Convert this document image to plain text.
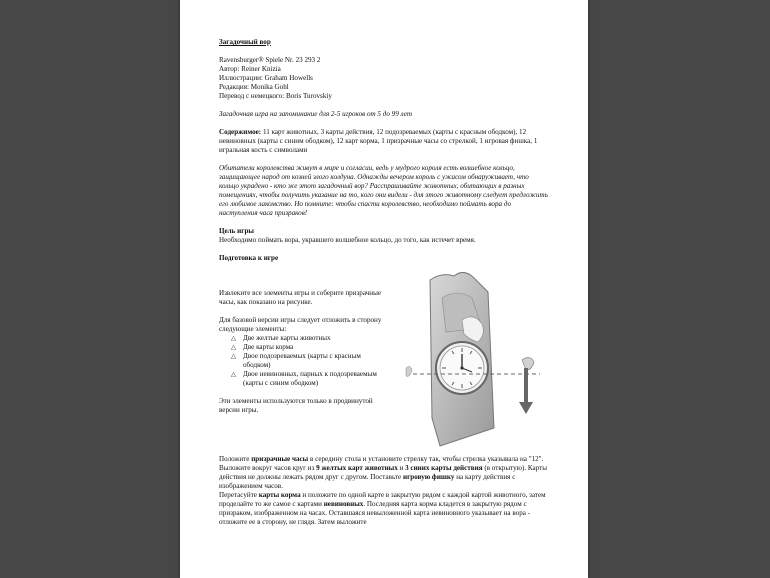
Загадочный вор

Ravensburger® Spiele Nr. 23 293 2
Автор: Reiner Knizia
Иллюстрации: Graham Howells
Редакция: Monika Gohl
Перевод с немецкого: Boris Turovskiy
Загадочная игра на запоминание для 2-5 игроков от 5 до 99 лет
Содержимое: 11 карт животных, 3 карты действия, 12 подозреваемых (карты с красным ободком), 12 невиновных (карты с синим ободком), 12 карт корма, 1 призрачные часы со стрелкой, 1 игровая фишка, 1 игральная кость с символами
Обитатели королевства живут в мире и согласии, ведь у мудрого короля есть волшебное кольцо, защищающее народ от козней злого колдуна. Однажды вечером король с ужасом обнаруживает, что кольцо украдено - кто же этот загадочный вор? Расспрашивайте животных, обитающих в разных помещениях, чтобы получить указание на то, кого они видели - для этого животному следует предложить его любимое лакомство. Но помните: чтобы спасти королевство, необходимо поймать вора до наступления часа призраков!
Цель игры
Необходимо поймать вора, укравшего волшебное кольцо, до того, как истечет время.
Подготовка к игре

Извлеките все элементы игры и соберите призрачные часы, как показано на рисунке.

Для базовой версии игры следует отложить в сторону следующие элементы:

△ Две желтые карты животных
△ Две карты корма
△ Двое подозреваемых (карты с красным ободком)
△ Двое невиновных, парных к подозреваемым (карты с синим ободком)

Эти элементы используются только в продвинутой версии игры.

Положите призрачные часы в середину стола и установите стрелку так, чтобы стрелка указывала на "12". Выложите вокруг часов круг из 9 желтых карт животных и 3 синих карты действия (в открытую). Карты действия не должны лежать рядом друг с другом. Поставьте игровую фишку на карту действия с изображением часов.

Перетасуйте карты корма и положите по одной карте в закрытую рядом с каждой картой животного, затем проделайте то же самое с картами невиновных. Последняя карта корма кладется в закрытую рядом с призраком, изображенном на часах. Оставшаяся невыложенной карта невиновного указывает на вора - отложите ее в сторону, не глядя. Затем выложите
